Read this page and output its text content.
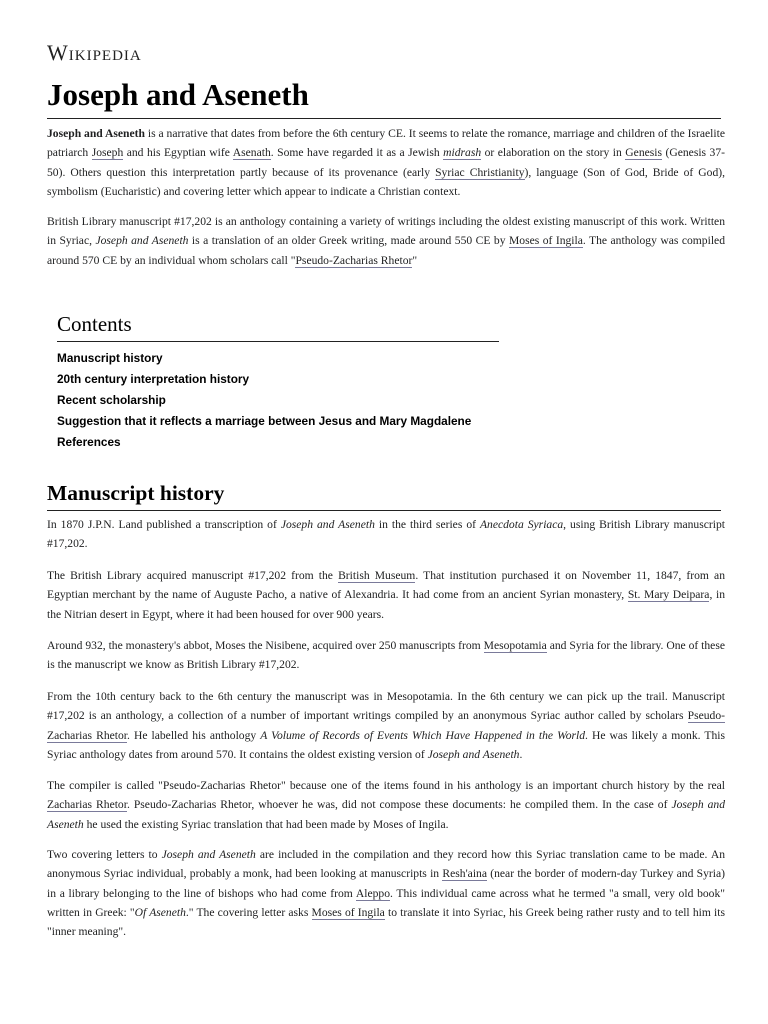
Wikipedia
Joseph and Aseneth

Joseph and Aseneth is a narrative that dates from before the 6th century CE. It seems to relate the romance, marriage and children of the Israelite patriarch Joseph and his Egyptian wife Asenath. Some have regarded it as a Jewish midrash or elaboration on the story in Genesis (Genesis 37-50). Others question this interpretation partly because of its provenance (early Syriac Christianity), language (Son of God, Bride of God), symbolism (Eucharistic) and covering letter which appear to indicate a Christian context.

British Library manuscript #17,202 is an anthology containing a variety of writings including the oldest existing manuscript of this work. Written in Syriac, Joseph and Aseneth is a translation of an older Greek writing, made around 550 CE by Moses of Ingila. The anthology was compiled around 570 CE by an individual whom scholars call "Pseudo-Zacharias Rhetor"

Contents
Manuscript history
20th century interpretation history
Recent scholarship
Suggestion that it reflects a marriage between Jesus and Mary Magdalene
References
Manuscript history

In 1870 J.P.N. Land published a transcription of Joseph and Aseneth in the third series of Anecdota Syriaca, using British Library manuscript #17,202.

The British Library acquired manuscript #17,202 from the British Museum. That institution purchased it on November 11, 1847, from an Egyptian merchant by the name of Auguste Pacho, a native of Alexandria. It had come from an ancient Syrian monastery, St. Mary Deipara, in the Nitrian desert in Egypt, where it had been housed for over 900 years.

Around 932, the monastery's abbot, Moses the Nisibene, acquired over 250 manuscripts from Mesopotamia and Syria for the library. One of these is the manuscript we know as British Library #17,202.

From the 10th century back to the 6th century the manuscript was in Mesopotamia. In the 6th century we can pick up the trail. Manuscript #17,202 is an anthology, a collection of a number of important writings compiled by an anonymous Syriac author called by scholars Pseudo-Zacharias Rhetor. He labelled his anthology A Volume of Records of Events Which Have Happened in the World. He was likely a monk. This Syriac anthology dates from around 570. It contains the oldest existing version of Joseph and Aseneth.

The compiler is called "Pseudo-Zacharias Rhetor" because one of the items found in his anthology is an important church history by the real Zacharias Rhetor. Pseudo-Zacharias Rhetor, whoever he was, did not compose these documents: he compiled them. In the case of Joseph and Aseneth he used the existing Syriac translation that had been made by Moses of Ingila.

Two covering letters to Joseph and Aseneth are included in the compilation and they record how this Syriac translation came to be made. An anonymous Syriac individual, probably a monk, had been looking at manuscripts in Resh'aina (near the border of modern-day Turkey and Syria) in a library belonging to the line of bishops who had come from Aleppo. This individual came across what he termed "a small, very old book" written in Greek: "Of Aseneth." The covering letter asks Moses of Ingila to translate it into Syriac, his Greek being rather rusty and to tell him its "inner meaning".
